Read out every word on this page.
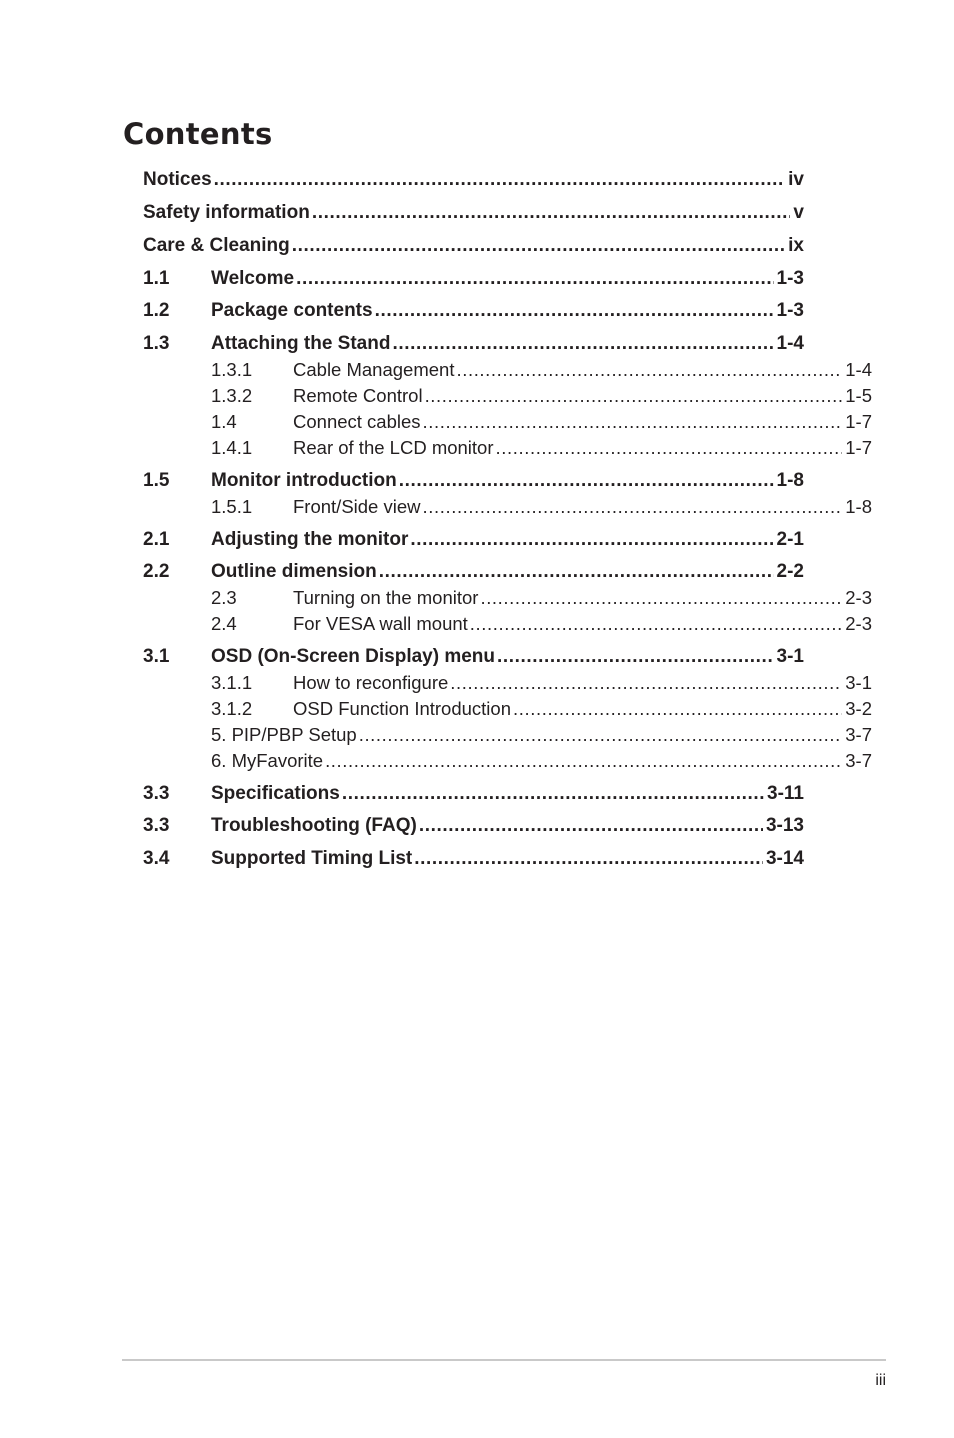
Contents
Notices .....	iv
Safety information .....	v
Care & Cleaning .....	ix
1.1	Welcome .....	1-3
1.2	Package contents .....	1-3
1.3	Attaching the Stand .....	1-4
1.3.1	Cable Management .....	1-4
1.3.2	Remote Control .....	1-5
1.4	Connect cables .....	1-7
1.4.1	Rear of the LCD monitor .....	1-7
1.5	Monitor introduction .....	1-8
1.5.1	Front/Side view .....	1-8
2.1	Adjusting the monitor .....	2-1
2.2	Outline dimension .....	2-2
2.3	Turning on the monitor .....	2-3
2.4	For VESA wall mount .....	2-3
3.1	OSD (On-Screen Display) menu .....	3-1
3.1.1	How to reconfigure .....	3-1
3.1.2	OSD Function Introduction .....	3-2
5. PIP/PBP Setup .....	3-7
6. MyFavorite .....	3-7
3.3	Specifications .....	3-11
3.3	Troubleshooting (FAQ) .....	3-13
3.4	Supported Timing List .....	3-14
iii
